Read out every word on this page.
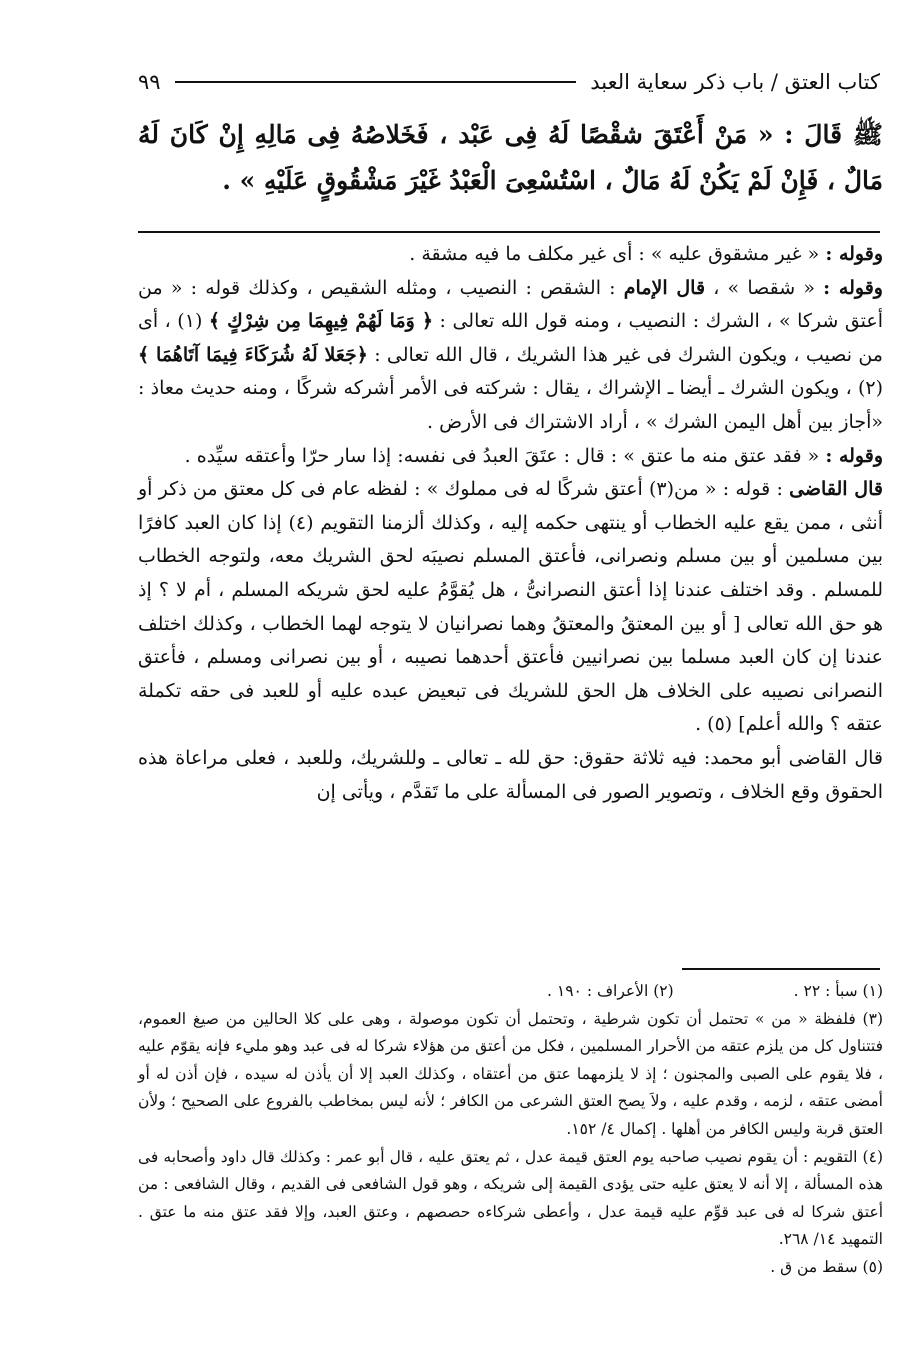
كتاب العتق / باب ذكر سعاية العبد
٩٩
ﷺ قَالَ : « مَنْ أَعْتَقَ شقْصًا لَهُ فِى عَبْد ، فَخَلاصُهُ فِى مَالِهِ إِنْ كَانَ لَهُ مَالٌ ، فَإِنْ لَمْ يَكُنْ لَهُ مَالٌ ، اسْتُسْعِىَ الْعَبْدُ غَيْرَ مَشْقُوقٍ عَلَيْهِ » .

وقوله : « غير مشقوق عليه » : أى غير مكلف ما فيه مشقة .

وقوله : « شقصا » ، قال الإمام : الشقص : النصيب ، ومثله الشقيص ، وكذلك قوله : « من أعتق شركا » ، الشرك : النصيب ، ومنه قول الله تعالى : ﴿ وَمَا لَهُمْ فِيهِمَا مِن شِرْكٍ ﴾ (١) ، أى من نصيب ، ويكون الشرك فى غير هذا الشريك ، قال الله تعالى : ﴿جَعَلا لَهُ شُرَكَاءَ فِيمَا آتَاهُمَا ﴾ (٢) ، ويكون الشرك ـ أيضا ـ الإشراك ، يقال : شركته فى الأمر أشركه شركًا ، ومنه حديث معاذ : «أجاز بين أهل اليمن الشرك » ، أراد الاشتراك فى الأرض .

وقوله : « فقد عتق منه ما عتق » : قال : عتَقَ العبدُ فى نفسه: إذا سار حرّا وأعتقه سيِّده .

قال القاضى : قوله : « من(٣) أعتق شركًا له فى مملوك » : لفظه عام فى كل معتق من ذكر أو أنثى ، ممن يقع عليه الخطاب أو ينتهى حكمه إليه ، وكذلك ألزمنا التقويم (٤) إذا كان العبد كافرًا بين مسلمين أو بين مسلم ونصرانى، فأعتق المسلم نصيبَه لحق الشريك معه، ولتوجه الخطاب للمسلم . وقد اختلف عندنا إذا أعتق النصرانىُّ ، هل يُقوَّمُ عليه لحق شريكه المسلم ، أم لا ؟ إذ هو حق الله تعالى [ أو بين المعتقُ والمعتقُ وهما نصرانيان لا يتوجه لهما الخطاب ، وكذلك اختلف عندنا إن كان العبد مسلما بين نصرانيين فأعتق أحدهما نصيبه ، أو بين نصرانى ومسلم ، فأعتق النصرانى نصيبه على الخلاف هل الحق للشريك فى تبعيض عبده عليه أو للعبد فى حقه تكملة عتقه ؟ والله أعلم] (٥) .

قال القاضى أبو محمد: فيه ثلاثة حقوق: حق لله ـ تعالى ـ وللشريك، وللعبد ، فعلى مراعاة هذه الحقوق وقع الخلاف ، وتصوير الصور فى المسألة على ما تَقدَّم ، ويأتى إن

(١) سبأ : ٢٢ .
(٢) الأعراف : ١٩٠ .

(٣) فلفظة « من » تحتمل أن تكون شرطية ، وتحتمل أن تكون موصولة ، وهى على كلا الحالين من صيغ العموم، فتتناول كل من يلزم عتقه من الأحرار المسلمين ، فكل من أعتق من هؤلاء شركا له فى عبد وهو مليء فإنه يقوّم عليه ، فلا يقوم على الصبى والمجنون ؛ إذ لا يلزمهما عتق من أعتقاه ، وكذلك العبد إلا أن يأذن له سيده ، فإن أذن له أو أمضى عتقه ، لزمه ، وقدم عليه ، ولاَ يصح العتق الشرعى من الكافر ؛ لأنه ليس بمخاطب بالفروع على الصحيح ؛ ولأن العتق قربة وليس الكافر من أهلها . إكمال ٤/ ١٥٢.

(٤) التقويم : أن يقوم نصيب صاحبه يوم العتق قيمة عدل ، ثم يعتق عليه ، قال أبو عمر : وكذلك قال داود وأصحابه فى هذه المسألة ، إلا أنه لا يعتق عليه حتى يؤدى القيمة إلى شريكه ، وهو قول الشافعى فى القديم ، وقال الشافعى : من أعتق شركا له فى عبد قوِّم عليه قيمة عدل ، وأعطى شركاءه حصصهم ، وعتق العبد، وإلا فقد عتق منه ما عتق . التمهيد ١٤/ ٢٦٨.

(٥) سقط من ق .
